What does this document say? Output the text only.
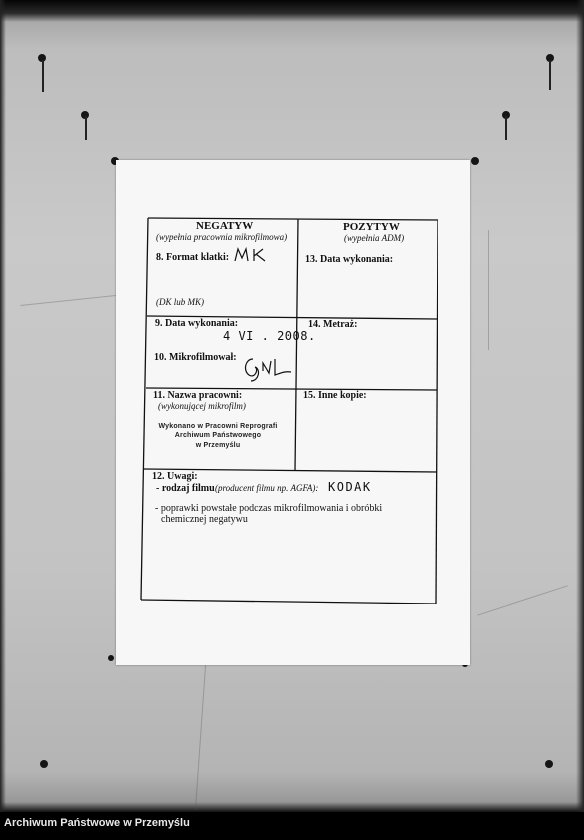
NEGATYW
(wypełnia pracownia mikrofilmowa)
POZYTYW
(wypełnia ADM)
8. Format klatki:
(DK lub MK)
13. Data wykonania:
9. Data wykonania:
4 VI . 2008.
14. Metraż:
10. Mikrofilmował:
11. Nazwa pracowni:
(wykonującej mikrofilm)
Wykonano w Pracowni Reprografi
Archiwum Państwowego
w Przemyślu
15. Inne kopie:
12. Uwagi:
- rodzaj filmu (producent filmu np. AGFA): KODAK
- poprawki powstałe podczas mikrofilmowania i obróbki
chemicznej negatywu
Archiwum Państwowe w Przemyślu
